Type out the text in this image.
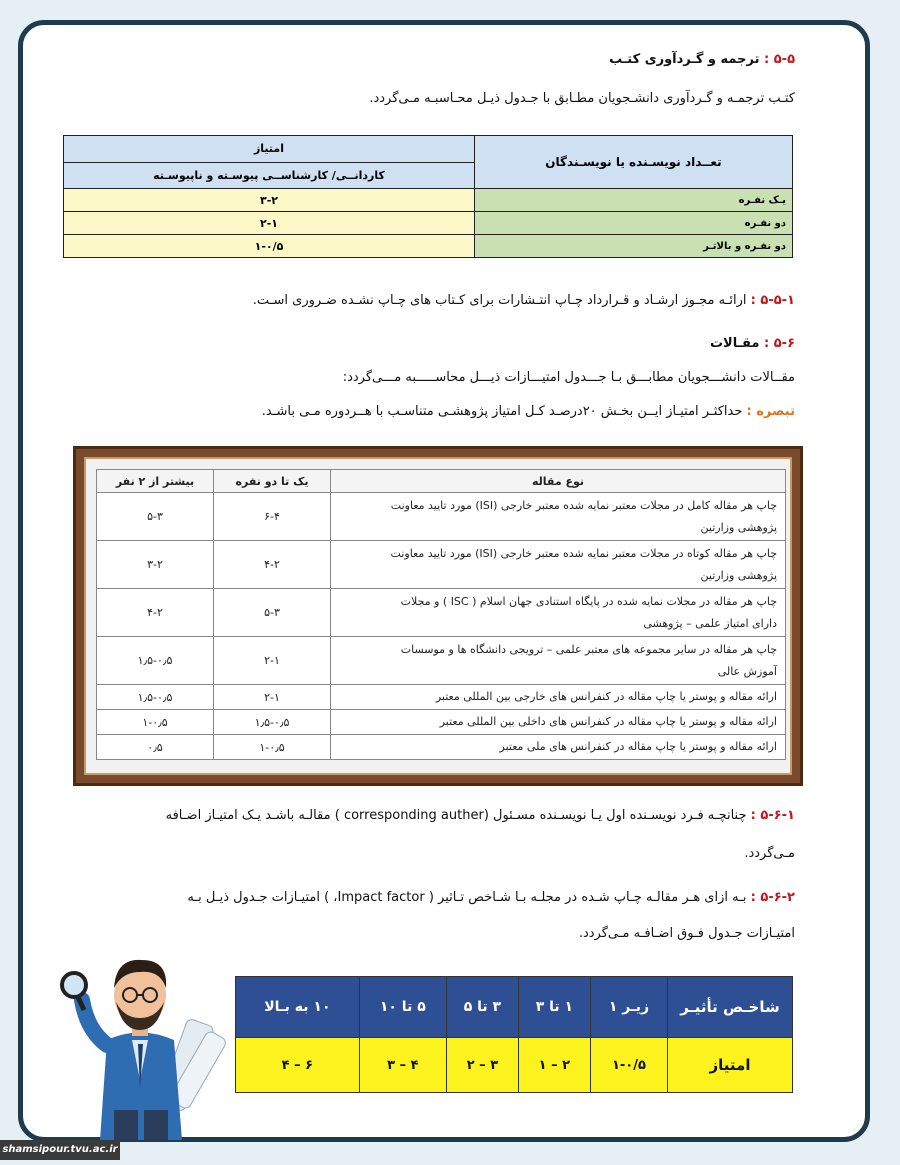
۵-۵ : ترجمه و گـردآوری کتـب
کتـب ترجمـه و گـردآوری دانشـجویان مطـابق با جـدول ذیـل محـاسبـه مـی‌گردد.
تعــداد نویسـنده یا نویسـندگان	امتیاز
	کاردانــی/ کارشناســی پیوسـته و ناپیوسـته
یـک نفـره	۳-۲
دو نفـره	۲-۱
دو نفـره و بالاتـر	۱-۰/۵
۵-۵-۱ : ارائـه مجـوز ارشـاد و قـرارداد چـاپ انتـشارات برای کـتاب های چـاپ نشـده ضـروری اسـت.
۵-۶ : مقـالات
مقــالات دانشـــجویان مطابـــق بـا جـــدول امتیـــازات ذیـــل محاســـــبه مـــی‌گردد:
تبصره : حداکثـر امتیـاز ایــن بخـش ۲۰درصـد کـل امتیاز پژوهشـی متناسـب با هــردوره مـی باشـد.
نوع مقاله	یک تا دو نفره	بیشتر از ۲ نفر

چاپ هر مقاله کامل در مجلات معتبر نمایه شده معتبر خارجی (ISI) مورد تایید معاونت
پژوهشی وزارتین	۶-۴	۵-۳

چاپ هر مقاله کوتاه در مجلات معتبر نمایه شده معتبر خارجی (ISI) مورد تایید معاونت
پژوهشی وزارتین	۴-۲	۳-۲

چاپ هر مقاله در مجلات نمایه شده در پایگاه استنادی جهان اسلام ( ISC ) و مجلات
دارای امتیاز علمی – پژوهشی	۵-۳	۴-۲

چاپ هر مقاله در سایر مجموعه های معتبر علمی – ترویجی دانشگاه ها و موسسات
آموزش عالی	۲-۱	۱٫۵-۰٫۵
ارائه مقاله و پوستر یا چاپ مقاله در کنفرانس های خارجی بین المللی معتبر	۲-۱	۱٫۵-۰٫۵
ارائه مقاله و پوستر یا چاپ مقاله در کنفرانس های داخلی بین المللی معتبر	۱٫۵-۰٫۵	۱-۰٫۵
ارائه مقاله و پوستر یا چاپ مقاله در کنفرانس های ملی معتبر	۱-۰٫۵	۰٫۵
۵-۶-۱ : چنانچـه فـرد نویسـنده اول یـا نویسـنده مسـئول (corresponding auther ) مقالـه باشـد یـک امتیـاز اضـافه
مـی‌گردد.
۵-۶-۲ : بـه ازای هـر مقالـه چـاپ شـده در مجلـه بـا شـاخص تـاثیر ( Impact factor، ) امتیـازات جـدول ذیـل بـه
امتیـازات جـدول فـوق اضـافـه مـی‌گردد.
شاخـص تأثیـر	زیـر ۱	۱ تا ۳	۳ تا ۵	۵ تا ۱۰	۱۰ به بـالا
امتیاز	۱-۰/۵	۲ – ۱	۳ – ۲	۴ – ۳	۶ – ۴
shamsipour.tvu.ac.ir
